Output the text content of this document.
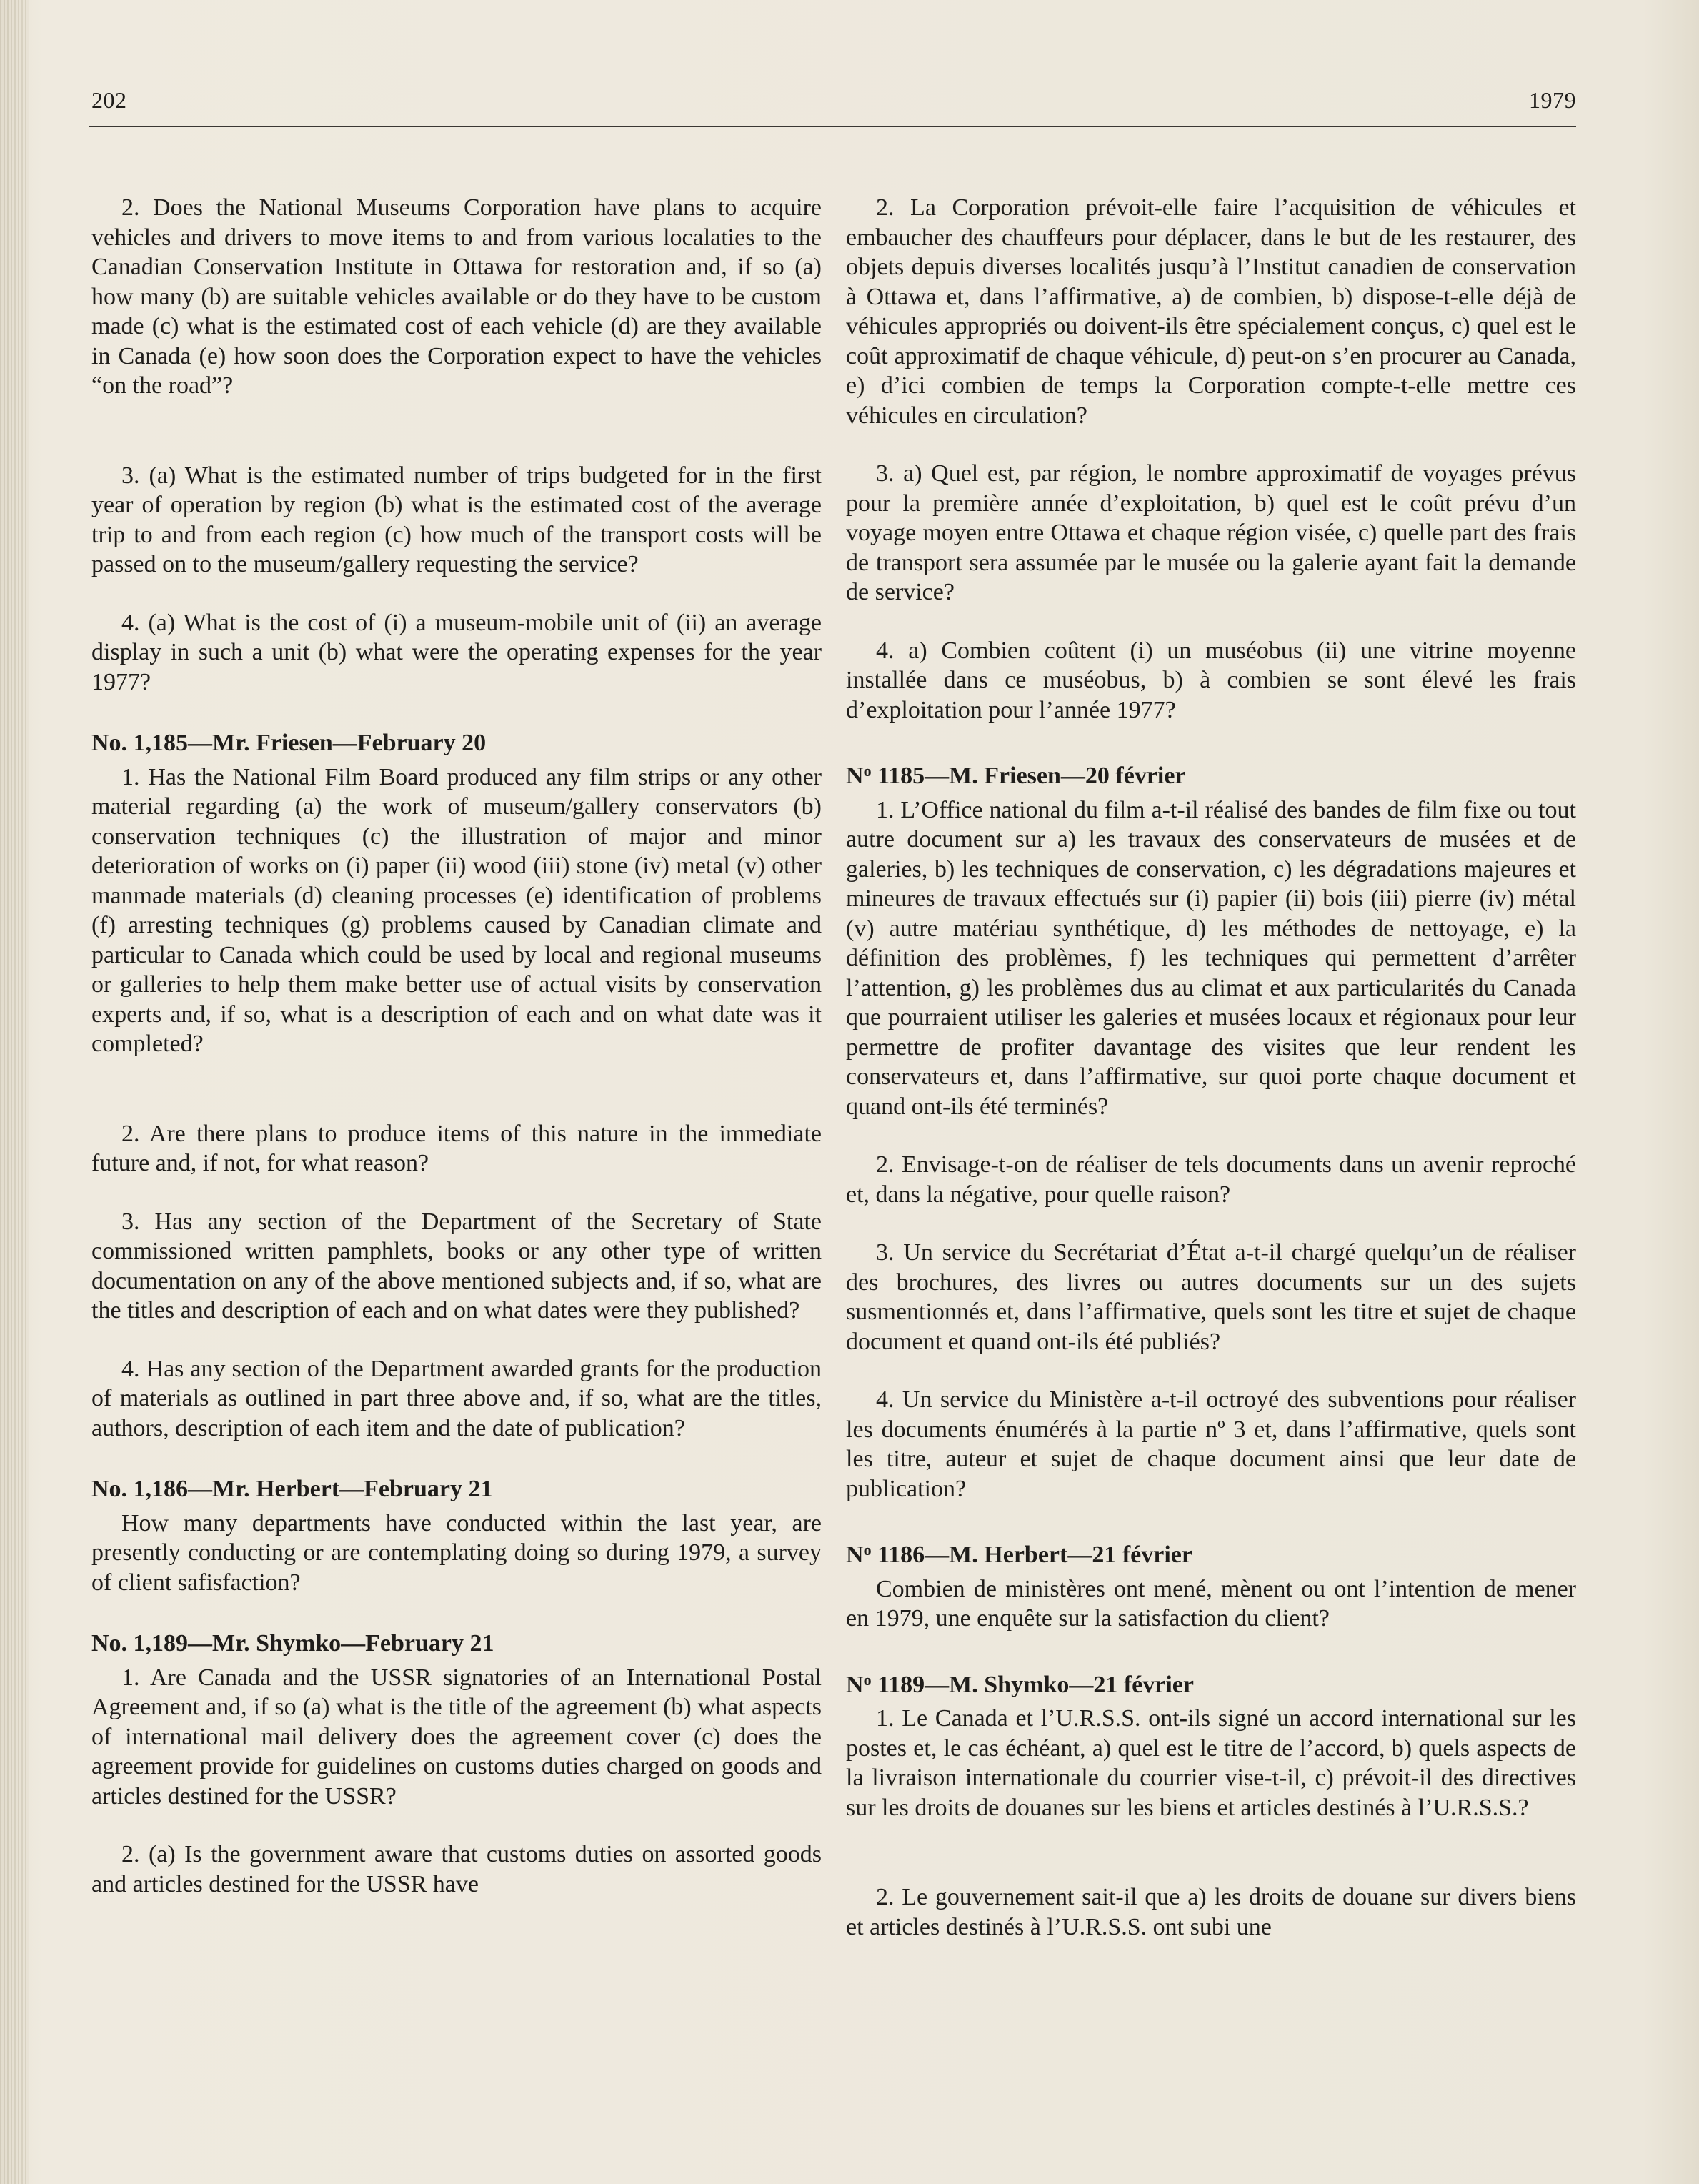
202	1979

2. Does the National Museums Corporation have plans to acquire vehicles and drivers to move items to and from various localaties to the Canadian Conservation Institute in Ottawa for restoration and, if so (a) how many (b) are suitable vehicles available or do they have to be custom made (c) what is the estimated cost of each vehicle (d) are they available in Canada (e) how soon does the Corporation expect to have the vehicles “on the road”?

3. (a) What is the estimated number of trips budgeted for in the first year of operation by region (b) what is the estimated cost of the average trip to and from each region (c) how much of the transport costs will be passed on to the museum/gallery requesting the service?

4. (a) What is the cost of (i) a museum-mobile unit of (ii) an average display in such a unit (b) what were the operating expenses for the year 1977?

No. 1,185—Mr. Friesen—February 20

1. Has the National Film Board produced any film strips or any other material regarding (a) the work of museum/gallery conservators (b) conservation techniques (c) the illustration of major and minor deterioration of works on (i) paper (ii) wood (iii) stone (iv) metal (v) other manmade materials (d) cleaning processes (e) identification of problems (f) arresting techniques (g) problems caused by Canadian climate and particular to Canada which could be used by local and regional museums or galleries to help them make better use of actual visits by conservation experts and, if so, what is a description of each and on what date was it completed?

2. Are there plans to produce items of this nature in the immediate future and, if not, for what reason?

3. Has any section of the Department of the Secretary of State commissioned written pamphlets, books or any other type of written documentation on any of the above mentioned subjects and, if so, what are the titles and description of each and on what dates were they published?

4. Has any section of the Department awarded grants for the production of materials as outlined in part three above and, if so, what are the titles, authors, description of each item and the date of publication?

No. 1,186—Mr. Herbert—February 21

How many departments have conducted within the last year, are presently conducting or are contemplating doing so during 1979, a survey of client safisfaction?

No. 1,189—Mr. Shymko—February 21

1. Are Canada and the USSR signatories of an International Postal Agreement and, if so (a) what is the title of the agreement (b) what aspects of international mail delivery does the agreement cover (c) does the agreement provide for guidelines on customs duties charged on goods and articles destined for the USSR?

2. (a) Is the government aware that customs duties on assorted goods and articles destined for the USSR have

2. La Corporation prévoit-elle faire l’acquisition de véhicules et embaucher des chauffeurs pour déplacer, dans le but de les restaurer, des objets depuis diverses localités jusqu’à l’Institut canadien de conservation à Ottawa et, dans l’affirmative, a) de combien, b) dispose-t-elle déjà de véhicules appropriés ou doivent-ils être spécialement conçus, c) quel est le coût approximatif de chaque véhicule, d) peut-on s’en procurer au Canada, e) d’ici combien de temps la Corporation compte-t-elle mettre ces véhicules en circulation?

3. a) Quel est, par région, le nombre approximatif de voyages prévus pour la première année d’exploitation, b) quel est le coût prévu d’un voyage moyen entre Ottawa et chaque région visée, c) quelle part des frais de transport sera assumée par le musée ou la galerie ayant fait la demande de service?

4. a) Combien coûtent (i) un muséobus (ii) une vitrine moyenne installée dans ce muséobus, b) à combien se sont élevé les frais d’exploitation pour l’année 1977?

$N^o$ 1185—M. Friesen—20 février

1. L’Office national du film a-t-il réalisé des bandes de film fixe ou tout autre document sur a) les travaux des conservateurs de musées et de galeries, b) les techniques de conservation, c) les dégradations majeures et mineures de travaux effectués sur (i) papier (ii) bois (iii) pierre (iv) métal (v) autre matériau synthétique, d) les méthodes de nettoyage, e) la définition des problèmes, f) les techniques qui permettent d’arrêter l’attention, g) les problèmes dus au climat et aux particularités du Canada que pourraient utiliser les galeries et musées locaux et régionaux pour leur permettre de profiter davantage des visites que leur rendent les conservateurs et, dans l’affirmative, sur quoi porte chaque document et quand ont-ils été terminés?

2. Envisage-t-on de réaliser de tels documents dans un avenir reproché et, dans la négative, pour quelle raison?

3. Un service du Secrétariat d’État a-t-il chargé quelqu’un de réaliser des brochures, des livres ou autres documents sur un des sujets susmentionnés et, dans l’affirmative, quels sont les titre et sujet de chaque document et quand ont-ils été publiés?

4. Un service du Ministère a-t-il octroyé des subventions pour réaliser les documents énumérés à la partie nº 3 et, dans l’affirmative, quels sont les titre, auteur et sujet de chaque document ainsi que leur date de publication?

$N^o$ 1186—M. Herbert—21 février

Combien de ministères ont mené, mènent ou ont l’intention de mener en 1979, une enquête sur la satisfaction du client?

$N^o$ 1189—M. Shymko—21 février

1. Le Canada et l’U.R.S.S. ont-ils signé un accord international sur les postes et, le cas échéant, a) quel est le titre de l’accord, b) quels aspects de la livraison internationale du courrier vise-t-il, c) prévoit-il des directives sur les droits de douanes sur les biens et articles destinés à l’U.R.S.S.?

2. Le gouvernement sait-il que a) les droits de douane sur divers biens et articles destinés à l’U.R.S.S. ont subi une
